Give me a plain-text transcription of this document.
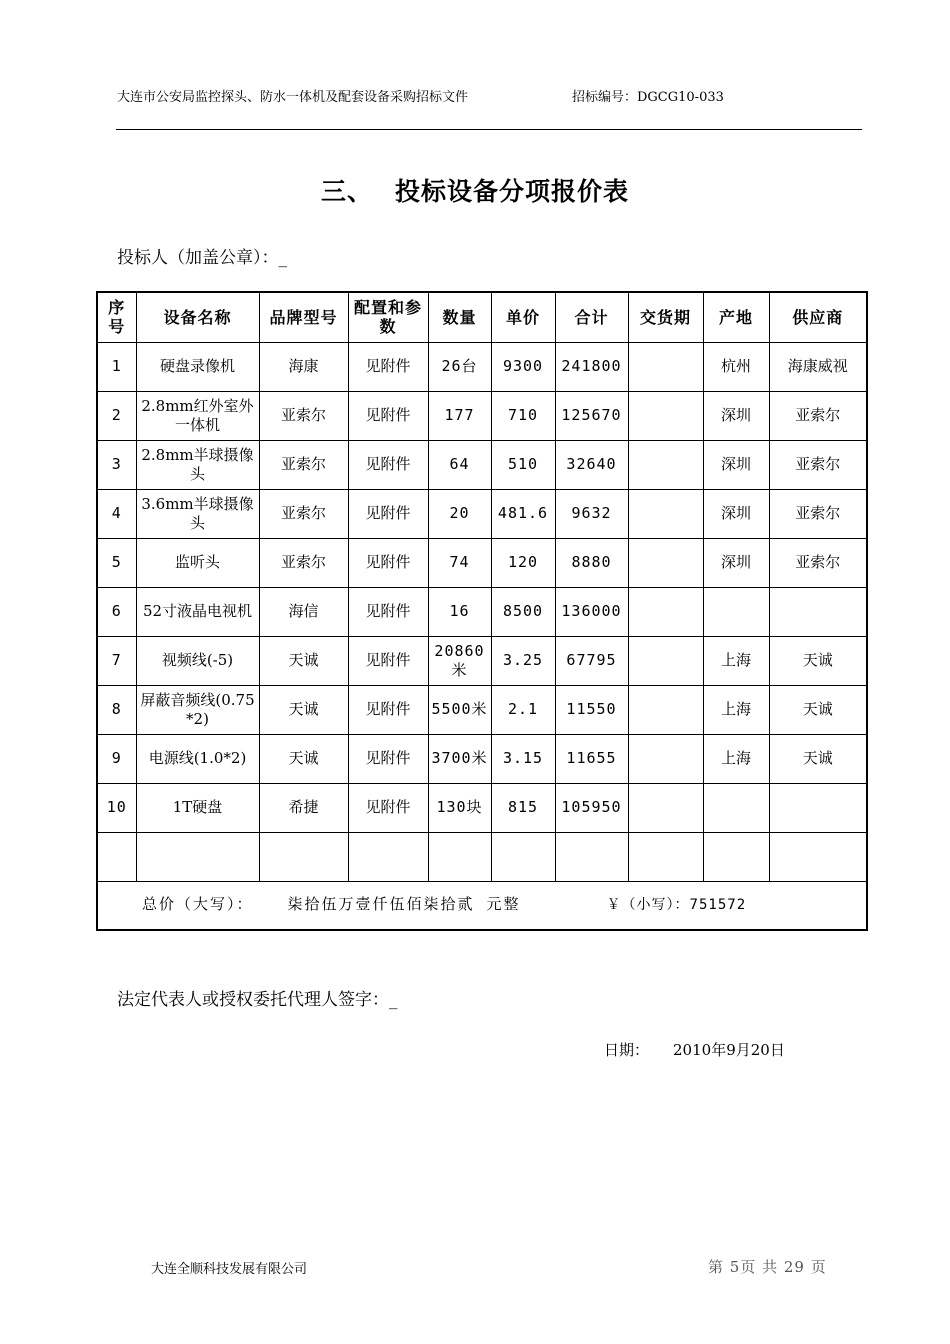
大连市公安局监控探头、防水一体机及配套设备采购招标文件	招标编号：DGCG10-033
三、 投标设备分项报价表
投标人（加盖公章）：_
序号	设备名称	品牌型号	配置和参数	数量	单价	合计	交货期	产地	供应商
1	硬盘录像机	海康	见附件	26台	9300	241800		杭州	海康威视
2	2.8mm红外室外一体机	亚索尔	见附件	177	710	125670		深圳	亚索尔
3	2.8mm半球摄像头	亚索尔	见附件	64	510	32640		深圳	亚索尔
4	3.6mm半球摄像头	亚索尔	见附件	20	481.6	9632		深圳	亚索尔
5	监听头	亚索尔	见附件	74	120	8880		深圳	亚索尔
6	52寸液晶电视机	海信	见附件	16	8500	136000			
7	视频线(-5)	天诚	见附件	20860米	3.25	67795		上海	天诚
8	屏蔽音频线(0.75*2)	天诚	见附件	5500米	2.1	11550		上海	天诚
9	电源线(1.0*2)	天诚	见附件	3700米	3.15	11655		上海	天诚
10	1T硬盘	希捷	见附件	130块	815	105950			

总价（大写）： 柒拾伍万壹仟伍佰柒拾贰 元整 ￥（小写）：751572									
法定代表人或授权委托代理人签字：_
日期： 2010年9月20日
大连全顺科技发展有限公司	第 5页 共 29 页
